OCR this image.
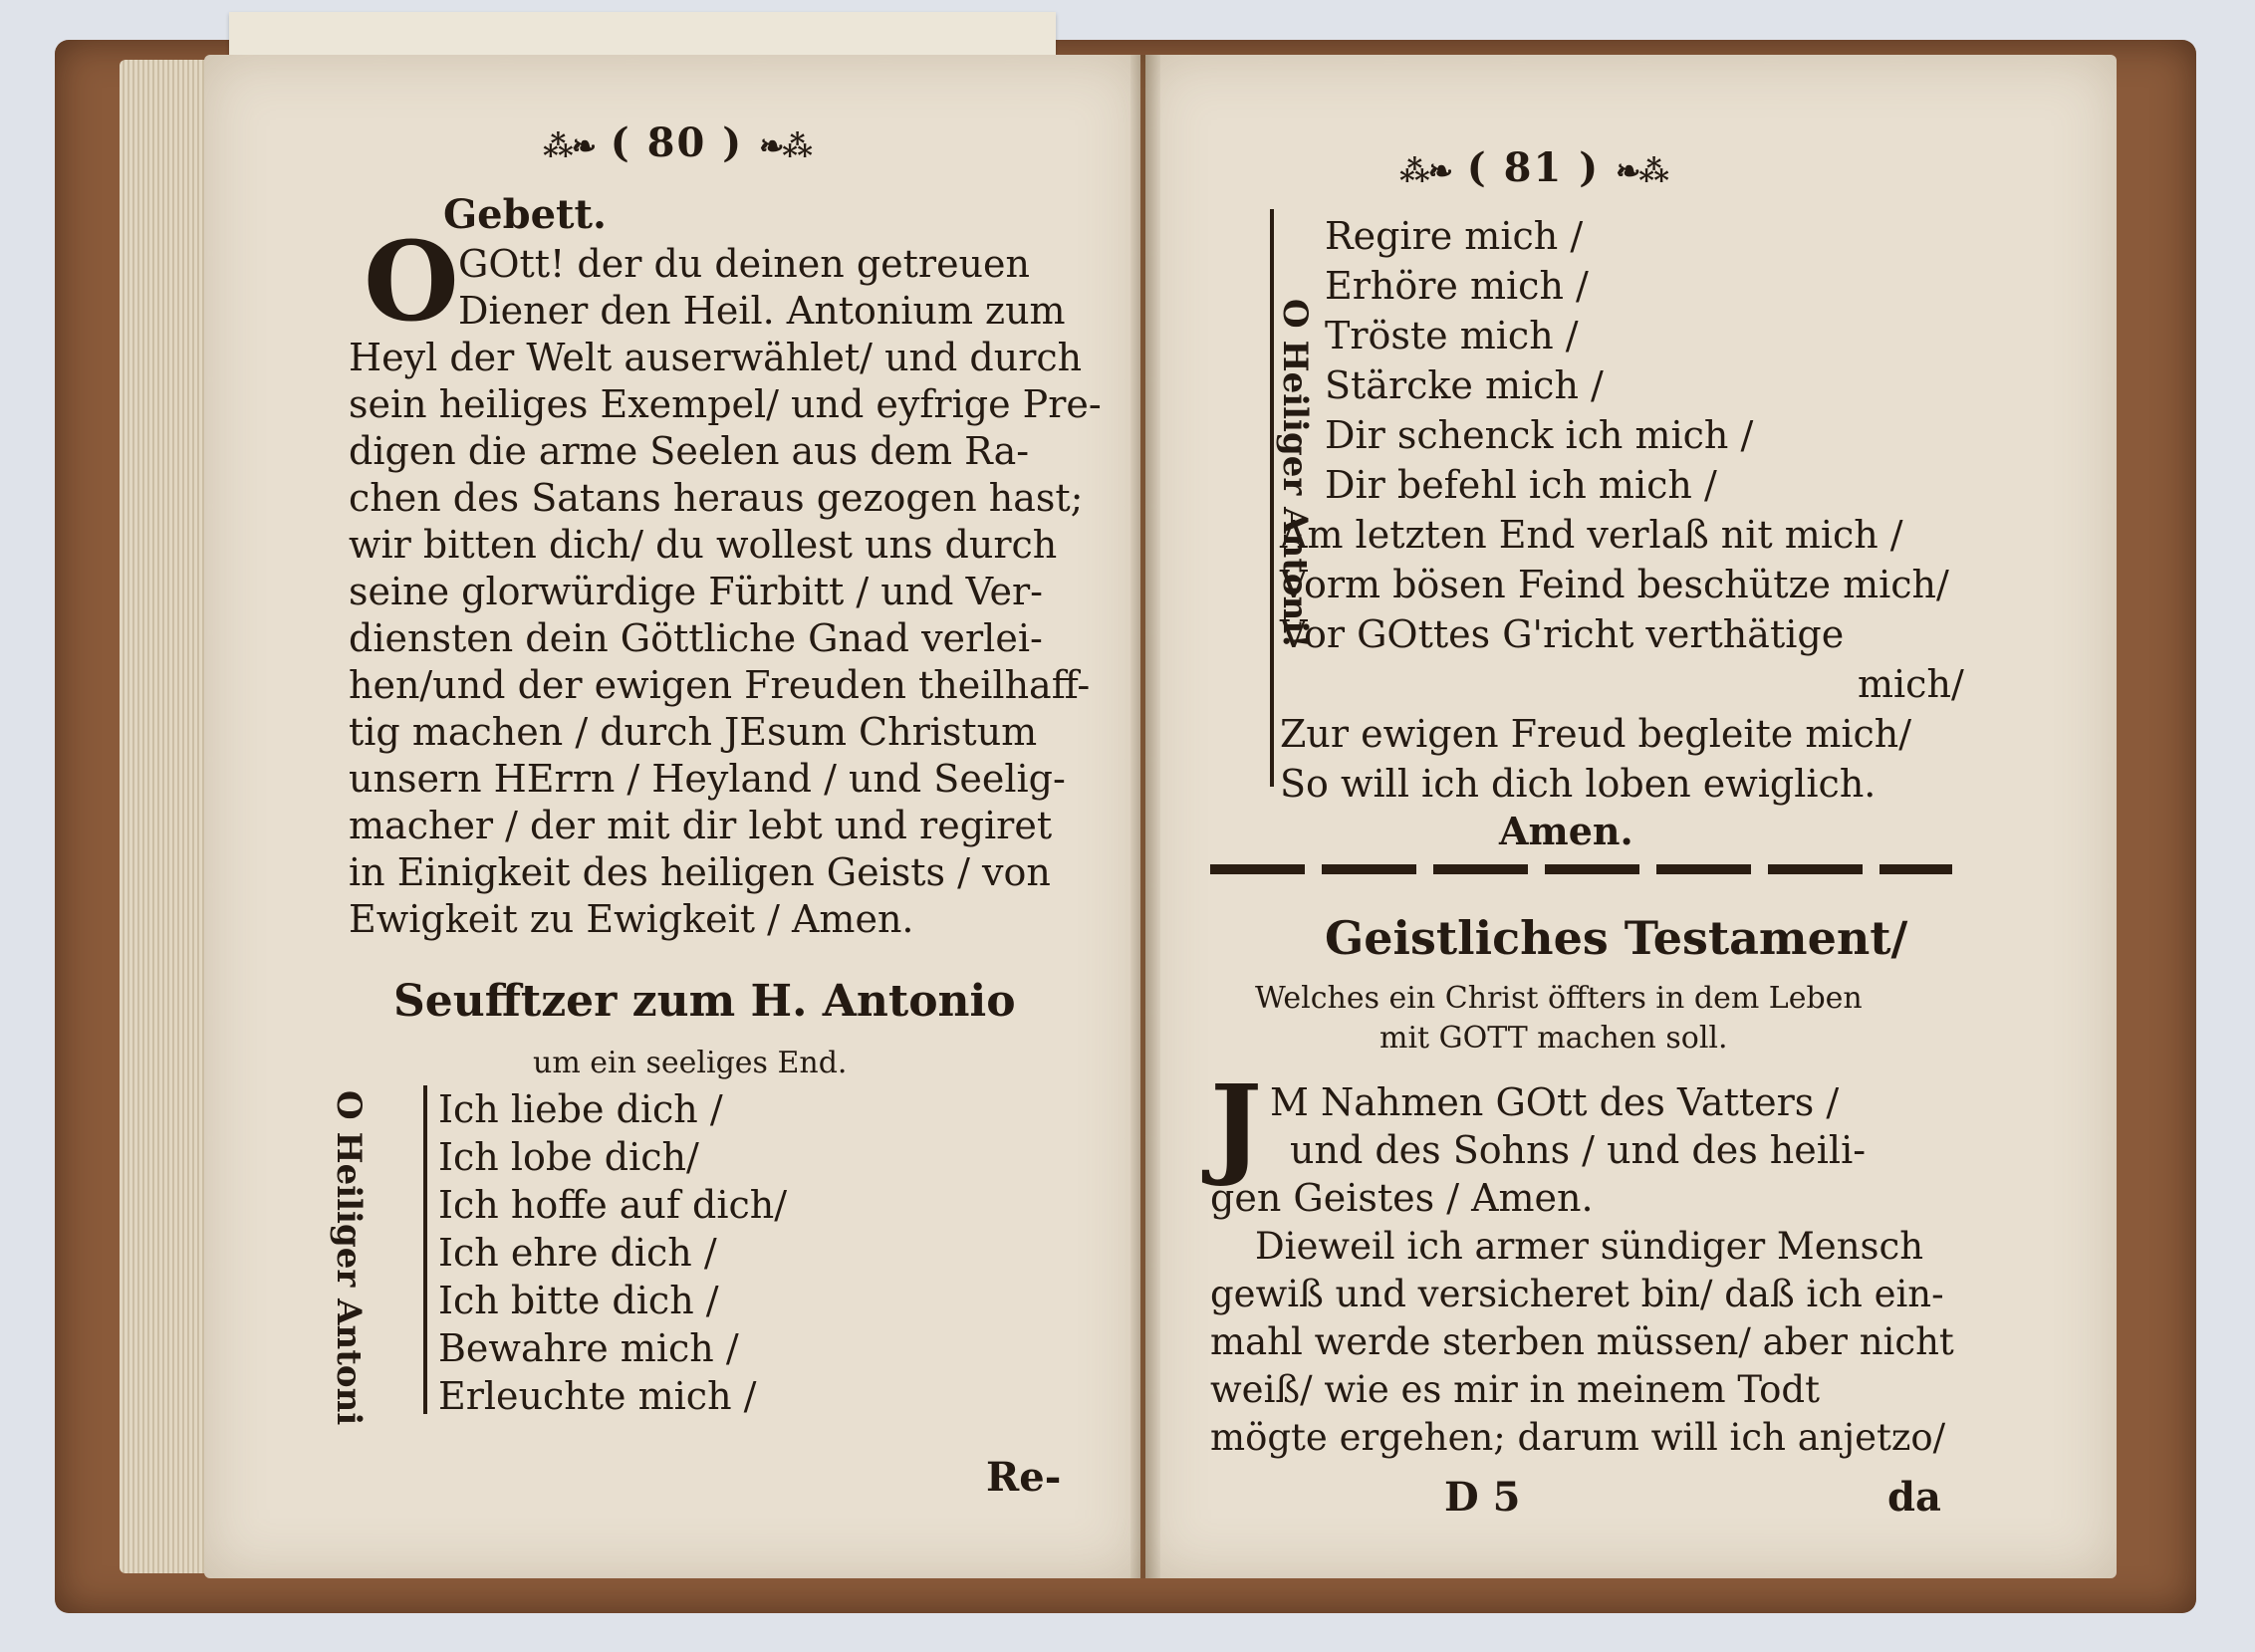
⁂❧ ( 80 ) ❧⁂
Gebett.
O GOtt! der du deinen getreuen
Diener den Heil. Antonium zum
Heyl der Welt auserwählet/ und durch
sein heiliges Exempel/ und eyfrige Pre-
digen die arme Seelen aus dem Ra-
chen des Satans heraus gezogen hast;
wir bitten dich/ du wollest uns durch
seine glorwürdige Fürbitt / und Ver-
diensten dein Göttliche Gnad verlei-
hen/und der ewigen Freuden theilhaff-
tig machen / durch JEsum Christum
unsern HErrn / Heyland / und Seelig-
macher / der mit dir lebt und regiret
in Einigkeit des heiligen Geists / von
Ewigkeit zu Ewigkeit / Amen.
Seufftzer zum H. Antonio
um ein seeliges End.
O Heiliger Antoni Ich liebe dich /
Ich lobe dich/
Ich hoffe auf dich/
Ich ehre dich /
Ich bitte dich /
Bewahre mich /
Erleuchte mich /
Re-
⁂❧ ( 81 ) ❧⁂
O Heiliger Antoni!
Regire mich /
Erhöre mich /
Tröste mich /
Stärcke mich /
Dir schenck ich mich /
Dir befehl ich mich /
Am letzten End verlaß nit mich /
Vorm bösen Feind beschütze mich/
Vor GOttes G'richt verthätige
mich/
Zur ewigen Freud begleite mich/
So will ich dich loben ewiglich.
Amen.
Geistliches Testament/
Welches ein Christ öffters in dem Leben
mit GOTT machen soll.
J M Nahmen GOtt des Vatters /
und des Sohns / und des heili-
gen Geistes / Amen.
Dieweil ich armer sündiger Mensch
gewiß und versicheret bin/ daß ich ein-
mahl werde sterben müssen/ aber nicht
weiß/ wie es mir in meinem Todt
mögte ergehen; darum will ich anjetzo/
D 5	da
